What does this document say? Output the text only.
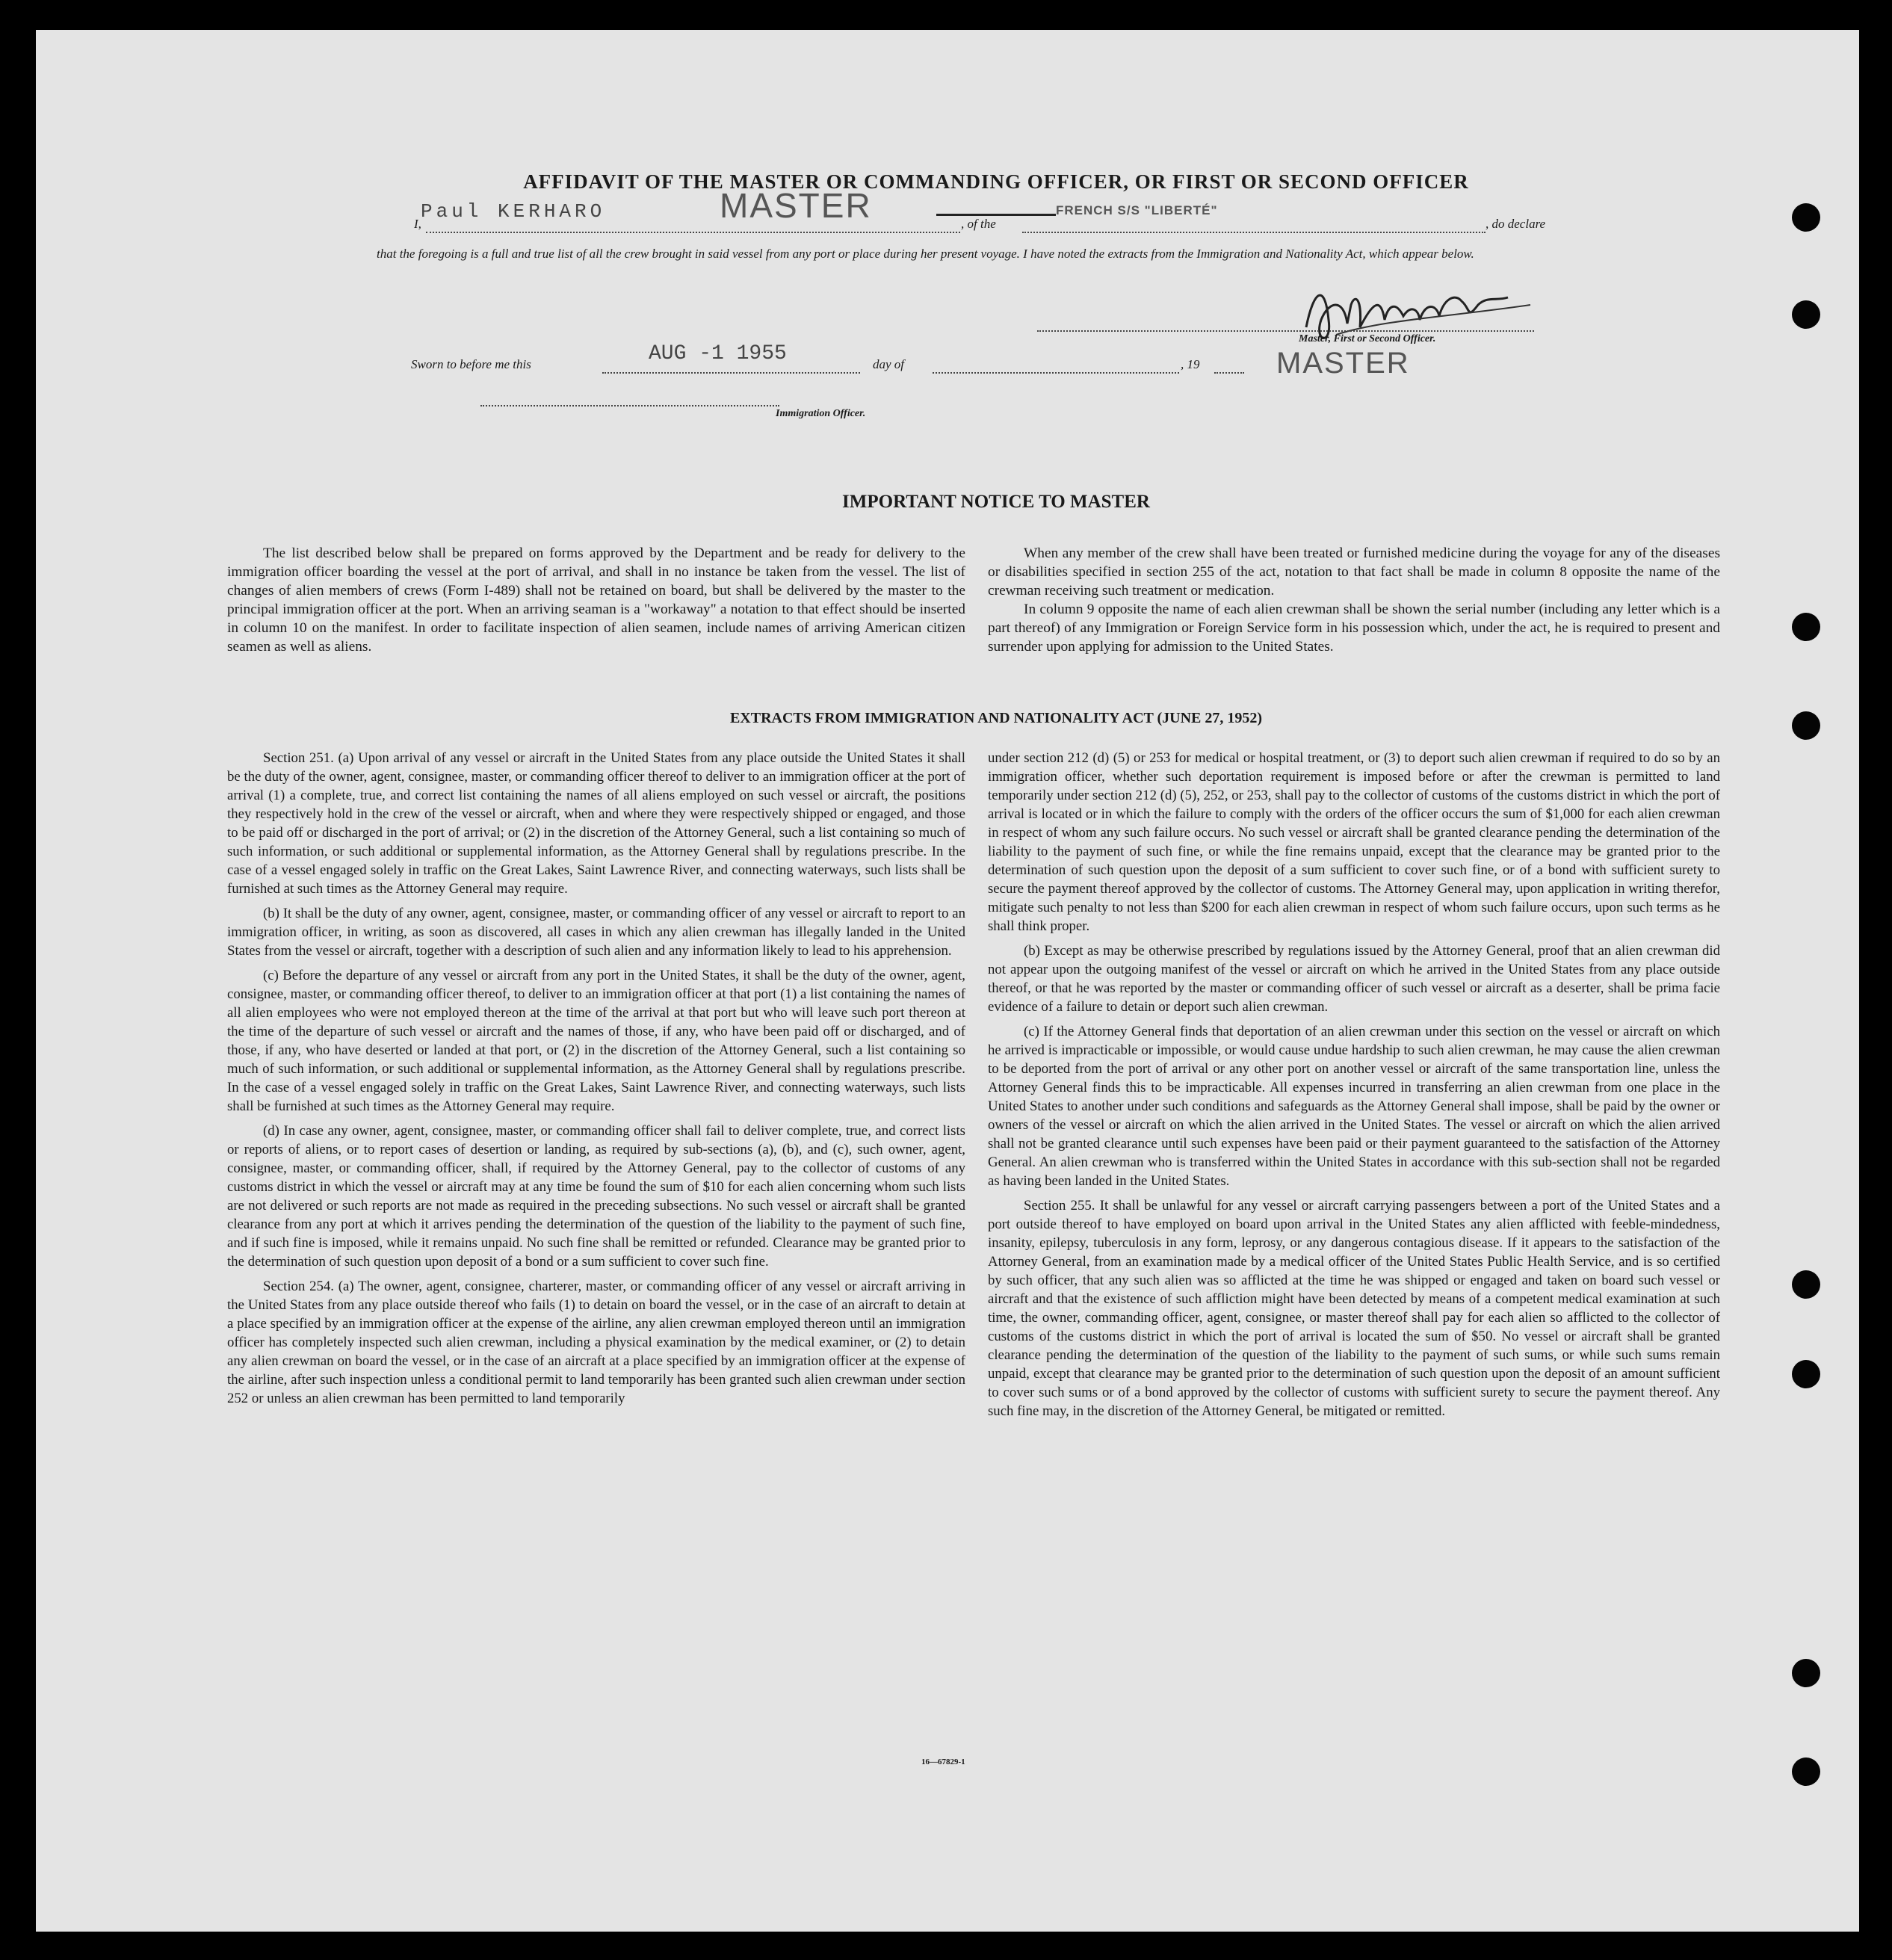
AFFIDAVIT OF THE MASTER OR COMMANDING OFFICER, OR FIRST OR SECOND OFFICER
I,
Paul KERHARO	MASTER	, of the
FRENCH S/S "LIBERTÉ"
, do declare
that the foregoing is a full and true list of all the crew brought in said vessel from any port or place during her present voyage. I have noted the extracts from the Immigration and Nationality Act, which appear below.
Master, First or Second Officer.
Sworn to before me this	AUG -1 1955	day of	, 19	MASTER
Immigration Officer.
IMPORTANT NOTICE TO MASTER

The list described below shall be prepared on forms approved by the Department and be ready for delivery to the immigration officer boarding the vessel at the port of arrival, and shall in no instance be taken from the vessel. The list of changes of alien members of crews (Form I-489) shall not be retained on board, but shall be delivered by the master to the principal immigration officer at the port. When an arriving seaman is a "workaway" a notation to that effect should be inserted in column 10 on the manifest. In order to facilitate inspection of alien seamen, include names of arriving American citizen seamen as well as aliens.

When any member of the crew shall have been treated or furnished medicine during the voyage for any of the diseases or disabilities specified in section 255 of the act, notation to that fact shall be made in column 8 opposite the name of the crewman receiving such treatment or medication.

In column 9 opposite the name of each alien crewman shall be shown the serial number (including any letter which is a part thereof) of any Immigration or Foreign Service form in his possession which, under the act, he is required to present and surrender upon applying for admission to the United States.

EXTRACTS FROM IMMIGRATION AND NATIONALITY ACT (JUNE 27, 1952)

Section 251. (a) Upon arrival of any vessel or aircraft in the United States from any place outside the United States it shall be the duty of the owner, agent, consignee, master, or commanding officer thereof to deliver to an immigration officer at the port of arrival (1) a complete, true, and correct list containing the names of all aliens employed on such vessel or aircraft, the positions they respectively hold in the crew of the vessel or aircraft, when and where they were respectively shipped or engaged, and those to be paid off or discharged in the port of arrival; or (2) in the discretion of the Attorney General, such a list containing so much of such information, or such additional or supplemental information, as the Attorney General shall by regulations prescribe. In the case of a vessel engaged solely in traffic on the Great Lakes, Saint Lawrence River, and connecting waterways, such lists shall be furnished at such times as the Attorney General may require.

(b) It shall be the duty of any owner, agent, consignee, master, or commanding officer of any vessel or aircraft to report to an immigration officer, in writing, as soon as discovered, all cases in which any alien crewman has illegally landed in the United States from the vessel or aircraft, together with a description of such alien and any information likely to lead to his apprehension.

(c) Before the departure of any vessel or aircraft from any port in the United States, it shall be the duty of the owner, agent, consignee, master, or commanding officer thereof, to deliver to an immigration officer at that port (1) a list containing the names of all alien employees who were not employed thereon at the time of the arrival at that port but who will leave such port thereon at the time of the departure of such vessel or aircraft and the names of those, if any, who have been paid off or discharged, and of those, if any, who have deserted or landed at that port, or (2) in the discretion of the Attorney General, such a list containing so much of such information, or such additional or supplemental information, as the Attorney General shall by regulations prescribe. In the case of a vessel engaged solely in traffic on the Great Lakes, Saint Lawrence River, and connecting waterways, such lists shall be furnished at such times as the Attorney General may require.

(d) In case any owner, agent, consignee, master, or commanding officer shall fail to deliver complete, true, and correct lists or reports of aliens, or to report cases of desertion or landing, as required by sub-sections (a), (b), and (c), such owner, agent, consignee, master, or commanding officer, shall, if required by the Attorney General, pay to the collector of customs of any customs district in which the vessel or aircraft may at any time be found the sum of $10 for each alien concerning whom such lists are not delivered or such reports are not made as required in the preceding subsections. No such vessel or aircraft shall be granted clearance from any port at which it arrives pending the determination of the question of the liability to the payment of such fine, and if such fine is imposed, while it remains unpaid. No such fine shall be remitted or refunded. Clearance may be granted prior to the determination of such question upon deposit of a bond or a sum sufficient to cover such fine.

Section 254. (a) The owner, agent, consignee, charterer, master, or commanding officer of any vessel or aircraft arriving in the United States from any place outside thereof who fails (1) to detain on board the vessel, or in the case of an aircraft to detain at a place specified by an immigration officer at the expense of the airline, any alien crewman employed thereon until an immigration officer has completely inspected such alien crewman, including a physical examination by the medical examiner, or (2) to detain any alien crewman on board the vessel, or in the case of an aircraft at a place specified by an immigration officer at the expense of the airline, after such inspection unless a conditional permit to land temporarily has been granted such alien crewman under section 252 or unless an alien crewman has been permitted to land temporarily

under section 212 (d) (5) or 253 for medical or hospital treatment, or (3) to deport such alien crewman if required to do so by an immigration officer, whether such deportation requirement is imposed before or after the crewman is permitted to land temporarily under section 212 (d) (5), 252, or 253, shall pay to the collector of customs of the customs district in which the port of arrival is located or in which the failure to comply with the orders of the officer occurs the sum of $1,000 for each alien crewman in respect of whom any such failure occurs. No such vessel or aircraft shall be granted clearance pending the determination of the liability to the payment of such fine, or while the fine remains unpaid, except that the clearance may be granted prior to the determination of such question upon the deposit of a sum sufficient to cover such fine, or of a bond with sufficient surety to secure the payment thereof approved by the collector of customs. The Attorney General may, upon application in writing therefor, mitigate such penalty to not less than $200 for each alien crewman in respect of whom such failure occurs, upon such terms as he shall think proper.

(b) Except as may be otherwise prescribed by regulations issued by the Attorney General, proof that an alien crewman did not appear upon the outgoing manifest of the vessel or aircraft on which he arrived in the United States from any place outside thereof, or that he was reported by the master or commanding officer of such vessel or aircraft as a deserter, shall be prima facie evidence of a failure to detain or deport such alien crewman.

(c) If the Attorney General finds that deportation of an alien crewman under this section on the vessel or aircraft on which he arrived is impracticable or impossible, or would cause undue hardship to such alien crewman, he may cause the alien crewman to be deported from the port of arrival or any other port on another vessel or aircraft of the same transportation line, unless the Attorney General finds this to be impracticable. All expenses incurred in transferring an alien crewman from one place in the United States to another under such conditions and safeguards as the Attorney General shall impose, shall be paid by the owner or owners of the vessel or aircraft on which the alien arrived in the United States. The vessel or aircraft on which the alien arrived shall not be granted clearance until such expenses have been paid or their payment guaranteed to the satisfaction of the Attorney General. An alien crewman who is transferred within the United States in accordance with this sub-section shall not be regarded as having been landed in the United States.

Section 255. It shall be unlawful for any vessel or aircraft carrying passengers between a port of the United States and a port outside thereof to have employed on board upon arrival in the United States any alien afflicted with feeble-mindedness, insanity, epilepsy, tuberculosis in any form, leprosy, or any dangerous contagious disease. If it appears to the satisfaction of the Attorney General, from an examination made by a medical officer of the United States Public Health Service, and is so certified by such officer, that any such alien was so afflicted at the time he was shipped or engaged and taken on board such vessel or aircraft and that the existence of such affliction might have been detected by means of a competent medical examination at such time, the owner, commanding officer, agent, consignee, or master thereof shall pay for each alien so afflicted to the collector of customs of the customs district in which the port of arrival is located the sum of $50. No vessel or aircraft shall be granted clearance pending the determination of the question of the liability to the payment of such sums, or while such sums remain unpaid, except that clearance may be granted prior to the determination of such question upon the deposit of an amount sufficient to cover such sums or of a bond approved by the collector of customs with sufficient surety to secure the payment thereof. Any such fine may, in the discretion of the Attorney General, be mitigated or remitted.

16—67829-1
